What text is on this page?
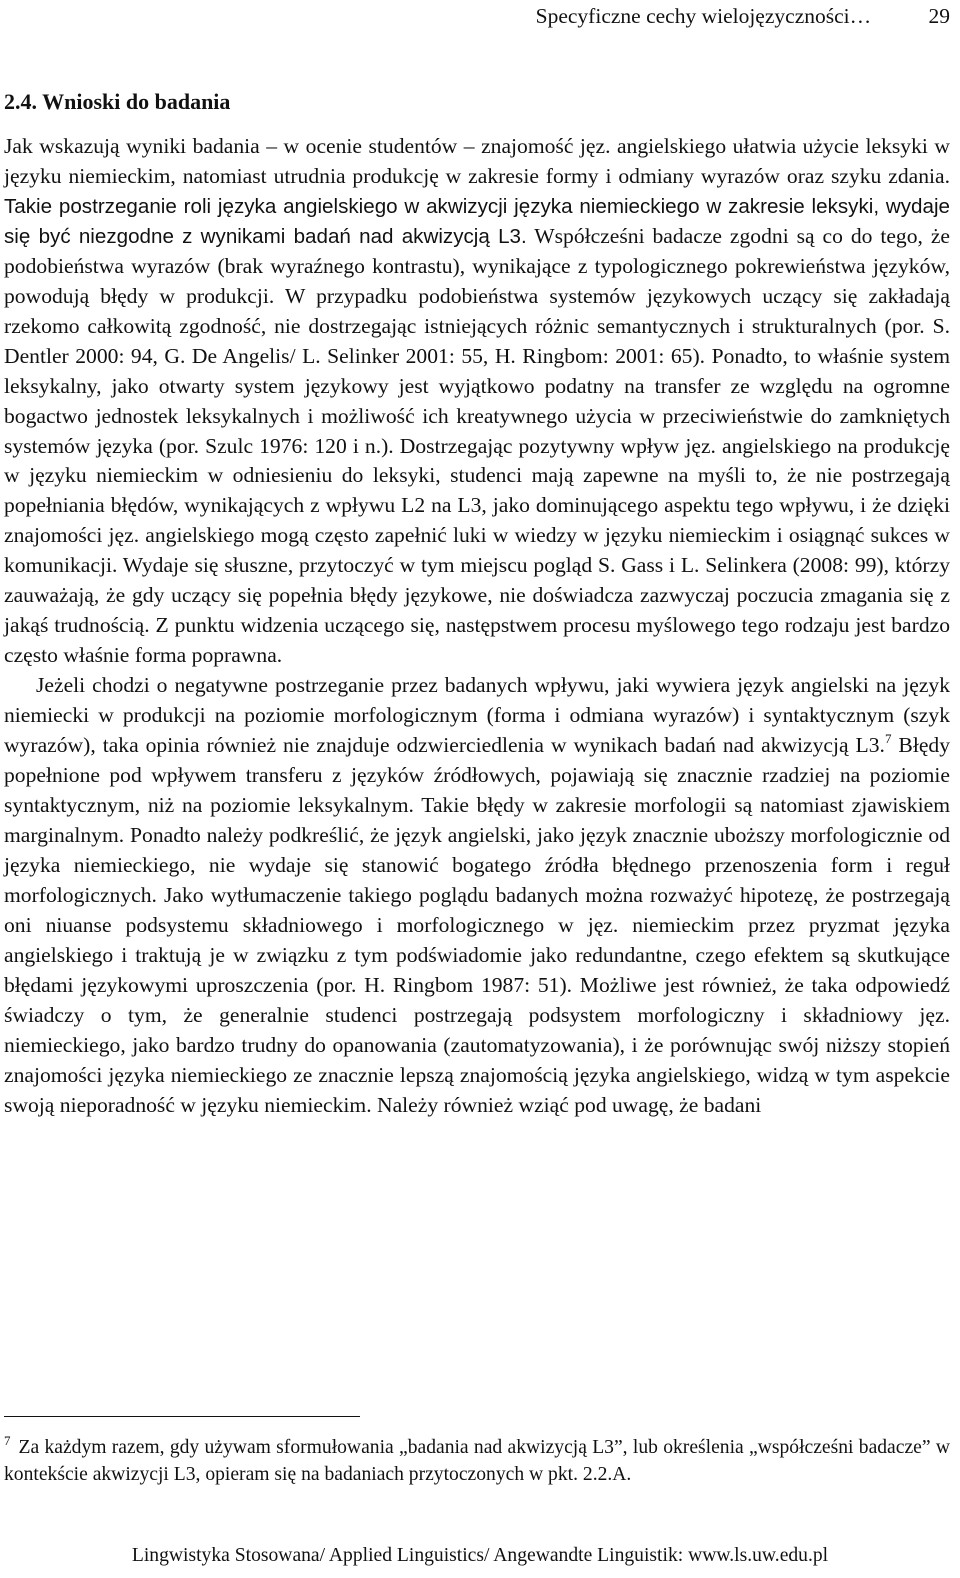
Specyficzne cechy wielojęzyczności…	29
2.4. Wnioski do badania

Jak wskazują wyniki badania – w ocenie studentów – znajomość jęz. angielskiego ułatwia użycie leksyki w języku niemieckim, natomiast utrudnia produkcję w zakresie formy i odmiany wyrazów oraz szyku zdania. Takie postrzeganie roli języka angielskiego w akwizycji języka niemieckiego w zakresie leksyki, wydaje się być niezgodne z wynikami badań nad akwizycją L3. Współcześni badacze zgodni są co do tego, że podobieństwa wyrazów (brak wyraźnego kontrastu), wynikające z typologicznego pokrewieństwa języków, powodują błędy w produkcji. W przypadku podobieństwa systemów językowych uczący się zakładają rzekomo całkowitą zgodność, nie dostrzegając istniejących różnic semantycznych i strukturalnych (por. S. Dentler 2000: 94, G. De Angelis/ L. Selinker 2001: 55, H. Ringbom: 2001: 65). Ponadto, to właśnie system leksykalny, jako otwarty system językowy jest wyjątkowo podatny na transfer ze względu na ogromne bogactwo jednostek leksykalnych i możliwość ich kreatywnego użycia w przeciwieństwie do zamkniętych systemów języka (por. Szulc 1976: 120 i n.). Dostrzegając pozytywny wpływ jęz. angielskiego na produkcję w języku niemieckim w odniesieniu do leksyki, studenci mają zapewne na myśli to, że nie postrzegają popełniania błędów, wynikających z wpływu L2 na L3, jako dominującego aspektu tego wpływu, i że dzięki znajomości jęz. angielskiego mogą często zapełnić luki w wiedzy w języku niemieckim i osiągnąć sukces w komunikacji. Wydaje się słuszne, przytoczyć w tym miejscu pogląd S. Gass i L. Selinkera (2008: 99), którzy zauważają, że gdy uczący się popełnia błędy językowe, nie doświadcza zazwyczaj poczucia zmagania się z jakąś trudnością. Z punktu widzenia uczącego się, następstwem procesu myślowego tego rodzaju jest bardzo często właśnie forma poprawna.

Jeżeli chodzi o negatywne postrzeganie przez badanych wpływu, jaki wywiera język angielski na język niemiecki w produkcji na poziomie morfologicznym (forma i odmiana wyrazów) i syntaktycznym (szyk wyrazów), taka opinia również nie znajduje odzwierciedlenia w wynikach badań nad akwizycją L3.$^7$ Błędy popełnione pod wpływem transferu z języków źródłowych, pojawiają się znacznie rzadziej na poziomie syntaktycznym, niż na poziomie leksykalnym. Takie błędy w zakresie morfologii są natomiast zjawiskiem marginalnym. Ponadto należy podkreślić, że język angielski, jako język znacznie uboższy morfologicznie od języka niemieckiego, nie wydaje się stanowić bogatego źródła błędnego przenoszenia form i reguł morfologicznych. Jako wytłumaczenie takiego poglądu badanych można rozważyć hipotezę, że postrzegają oni niuanse podsystemu składniowego i morfologicznego w jęz. niemieckim przez pryzmat języka angielskiego i traktują je w związku z tym podświadomie jako redundantne, czego efektem są skutkujące błędami językowymi uproszczenia (por. H. Ringbom 1987: 51). Możliwe jest również, że taka odpowiedź świadczy o tym, że generalnie studenci postrzegają podsystem morfologiczny i składniowy jęz. niemieckiego, jako bardzo trudny do opanowania (zautomatyzowania), i że porównując swój niższy stopień znajomości języka niemieckiego ze znacznie lepszą znajomością języka angielskiego, widzą w tym aspekcie swoją nieporadność w języku niemieckim. Należy również wziąć pod uwagę, że badani

$^7$ Za każdym razem, gdy używam sformułowania „badania nad akwizycją L3”, lub określenia „współcześni badacze” w kontekście akwizycji L3, opieram się na badaniach przytoczonych w pkt. 2.2.A.
Lingwistyka Stosowana/ Applied Linguistics/ Angewandte Linguistik: www.ls.uw.edu.pl
